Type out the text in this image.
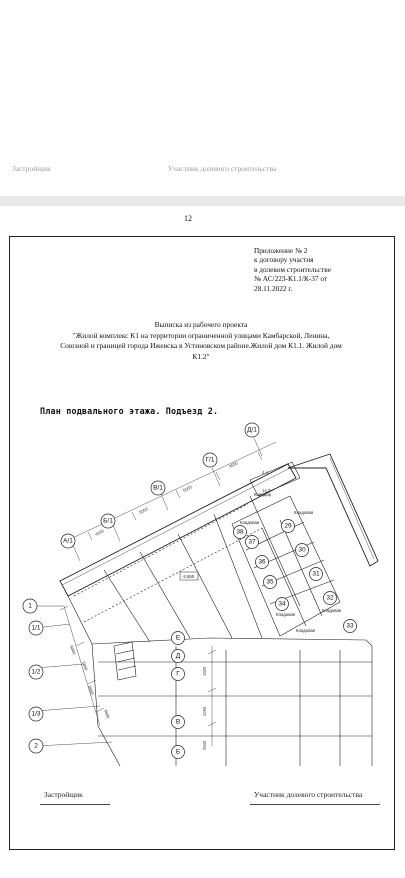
Застройщик	Участник долевого строительства
12
Приложение № 2
к договору участия
в долевом строительстве
№ АС/223-К1.1/К-37 от
28.11.2022 г.
Выписка из рабочего проекта
"Жилой комплекс К1 на территории ограниченной улицами Камбарской, Ленина,
Союзной и границей города Ижевска в Устиновском районе.Жилой дом К1.1. Жилой дом
К1.2"
План подвального этажа. Подъезд 2.
Застройщик	Участник долевого строительства
А/1
Б/1
В/1
Г/1
Д/1
1
1/1
1/2
1/3
2
Е
Д
Г
В
Б
29
30
31
32
33
34
35
36
37
38
Коридор
Кладовая
Кладовая
Кладовая
Кладовая
Кладовая
-2,650
4,4
14,7
4260
5000
5000
4550
6000
3550
4550
1550
4260
2640
1920
